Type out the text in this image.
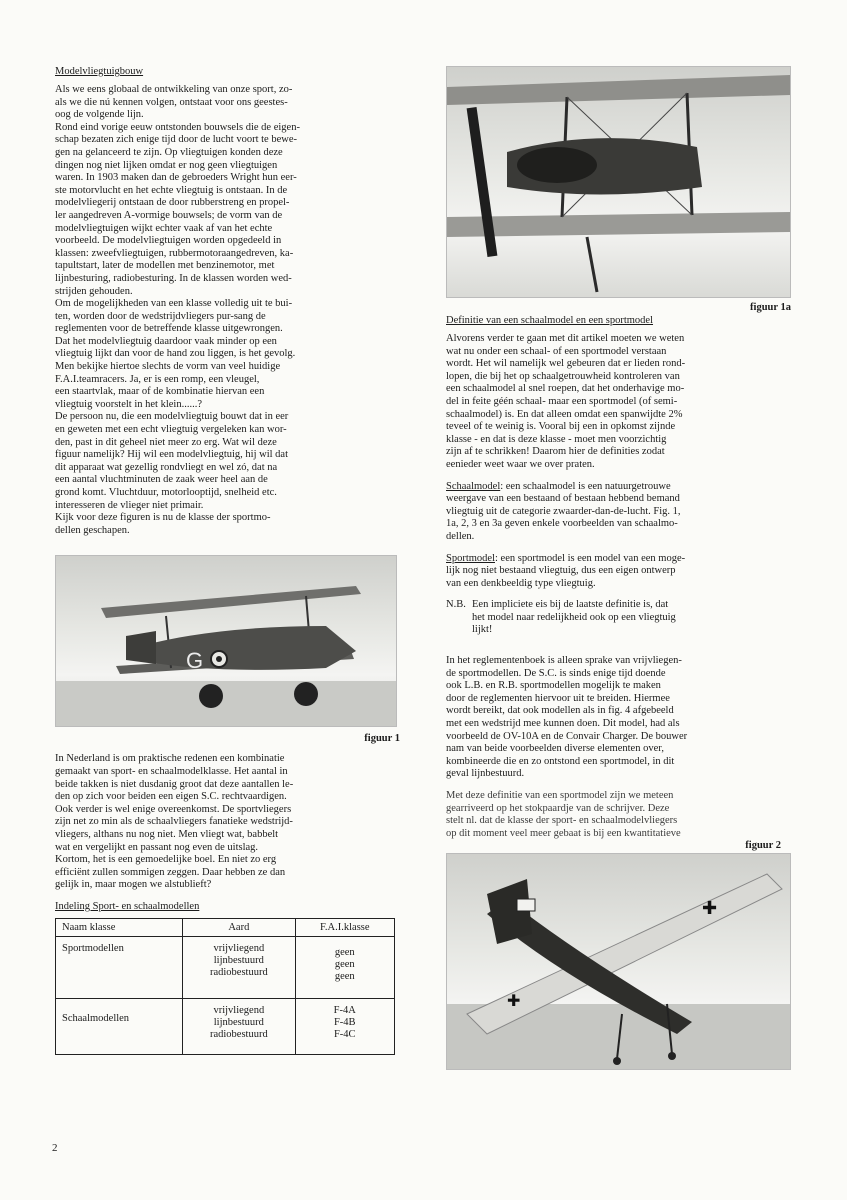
Modelvliegtuigbouw

Als we eens globaal de ontwikkeling van onze sport, zo-

als we die nú kennen volgen, ontstaat voor ons geestes-

oog de volgende lijn.

Rond eind vorige eeuw ontstonden bouwsels die de eigen-

schap bezaten zich enige tijd door de lucht voort te bewe-

gen na gelanceerd te zijn. Op vliegtuigen konden deze

dingen nog niet lijken omdat er nog geen vliegtuigen

waren. In 1903 maken dan de gebroeders Wright hun eer-

ste motorvlucht en het echte vliegtuig is ontstaan. In de

modelvliegerij ontstaan de door rubberstreng en propel-

ler aangedreven A-vormige bouwsels; de vorm van de

modelvliegtuigen wijkt echter vaak af van het echte

voorbeeld. De modelvliegtuigen worden opgedeeld in

klassen: zweefvliegtuigen, rubbermotoraangedreven, ka-

tapultstart, later de modellen met benzinemotor, met

lijnbesturing, radiobesturing. In de klassen worden wed-

strijden gehouden.

Om de mogelijkheden van een klasse volledig uit te bui-

ten, worden door de wedstrijdvliegers pur-sang de

reglementen voor de betreffende klasse uitgewrongen.

Dat het modelvliegtuig daardoor vaak minder op een

vliegtuig lijkt dan voor de hand zou liggen, is het gevolg.

Men bekijke hiertoe slechts de vorm van veel huidige

F.A.I.teamracers. Ja, er is een romp, een vleugel,

een staartvlak, maar of de kombinatie hiervan een

vliegtuig voorstelt in het klein......?

De persoon nu, die een modelvliegtuig bouwt dat in eer

en geweten met een echt vliegtuig vergeleken kan wor-

den, past in dit geheel niet meer zo erg. Wat wil deze

figuur namelijk? Hij wil een modelvliegtuig, hij wil dat

dit apparaat wat gezellig rondvliegt en wel zó, dat na

een aantal vluchtminuten de zaak weer heel aan de

grond komt. Vluchtduur, motorlooptijd, snelheid etc.

interesseren de vlieger niet primair.

Kijk voor deze figuren is nu de klasse der sportmo-

dellen geschapen.

G
figuur 1

In Nederland is om praktische redenen een kombinatie

gemaakt van sport- en schaalmodelklasse. Het aantal in

beide takken is niet dusdanig groot dat deze aantallen le-

den op zich voor beiden een eigen S.C. rechtvaardigen.

Ook verder is wel enige overeenkomst. De sportvliegers

zijn net zo min als de schaalvliegers fanatieke wedstrijd-

vliegers, althans nu nog niet. Men vliegt wat, babbelt

wat en vergelijkt en passant nog even de uitslag.

Kortom, het is een gemoedelijke boel. En niet zo erg

efficiënt zullen sommigen zeggen. Daar hebben ze dan

gelijk in, maar mogen we alstublieft?

Indeling Sport- en schaalmodellen
Naam klasse	Aard	F.A.I.klasse
Sportmodellen	vrijvliegend
lijnbestuurd
radiobestuurd	geen
geen
geen

Schaalmodellen	vrijvliegend
lijnbestuurd
radiobestuurd	F-4A
F-4B
F-4C
figuur 1a
Definitie van een schaalmodel en een sportmodel

Alvorens verder te gaan met dit artikel moeten we weten

wat nu onder een schaal- of een sportmodel verstaan

wordt. Het wil namelijk wel gebeuren dat er lieden rond-

lopen, die bij het op schaalgetrouwheid kontroleren van

een schaalmodel al snel roepen, dat het onderhavige mo-

del in feite géén schaal- maar een sportmodel (of semi-

schaalmodel) is. En dat alleen omdat een spanwijdte 2%

teveel of te weinig is. Vooral bij een in opkomst zijnde

klasse - en dat is deze klasse - moet men voorzichtig

zijn af te schrikken! Daarom hier de definities zodat

eenieder weet waar we over praten.

Schaalmodel: een schaalmodel is een natuurgetrouwe

weergave van een bestaand of bestaan hebbend bemand

vliegtuig uit de categorie zwaarder-dan-de-lucht. Fig. 1,

1a, 2, 3 en 3a geven enkele voorbeelden van schaalmo-

dellen.

Sportmodel: een sportmodel is een model van een moge-

lijk nog niet bestaand vliegtuig, dus een eigen ontwerp

van een denkbeeldig type vliegtuig.

N.B. Een impliciete eis bij de laatste definitie is, dat

het model naar redelijkheid ook op een vliegtuig

lijkt!

In het reglementenboek is alleen sprake van vrijvliegen-

de sportmodellen. De S.C. is sinds enige tijd doende

ook L.B. en R.B. sportmodellen mogelijk te maken

door de reglementen hiervoor uit te breiden. Hiermee

wordt bereikt, dat ook modellen als in fig. 4 afgebeeld

met een wedstrijd mee kunnen doen. Dit model, had als

voorbeeld de OV-10A en de Convair Charger. De bouwer

nam van beide voorbeelden diverse elementen over,

kombineerde die en zo ontstond een sportmodel, in dit

geval lijnbestuurd.

Met deze definitie van een sportmodel zijn we meteen

gearriveerd op het stokpaardje van de schrijver. Deze

stelt nl. dat de klasse der sport- en schaalmodelvliegers

op dit moment veel meer gebaat is bij een kwantitatieve

figuur 2
✚
✚
2
